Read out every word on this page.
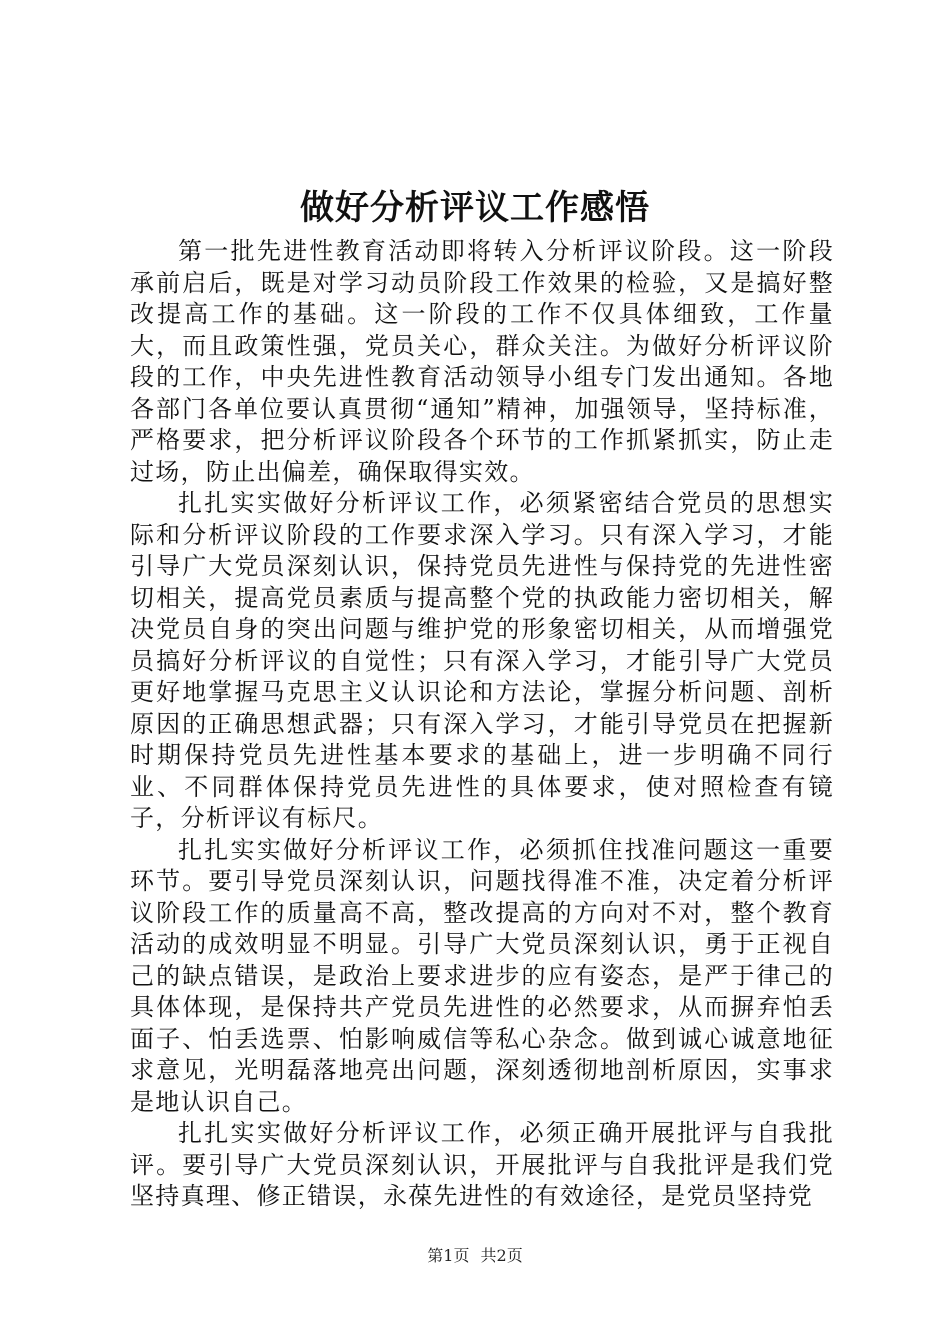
做好分析评议工作感悟

第一批先进性教育活动即将转入分析评议阶段。这一阶段承前启后，既是对学习动员阶段工作效果的检验，又是搞好整改提高工作的基础。这一阶段的工作不仅具体细致，工作量大，而且政策性强，党员关心，群众关注。为做好分析评议阶段的工作，中央先进性教育活动领导小组专门发出通知。各地各部门各单位要认真贯彻“通知”精神，加强领导，坚持标准，严格要求，把分析评议阶段各个环节的工作抓紧抓实，防止走过场，防止出偏差，确保取得实效。

扎扎实实做好分析评议工作，必须紧密结合党员的思想实际和分析评议阶段的工作要求深入学习。只有深入学习，才能引导广大党员深刻认识，保持党员先进性与保持党的先进性密切相关，提高党员素质与提高整个党的执政能力密切相关，解决党员自身的突出问题与维护党的形象密切相关，从而增强党员搞好分析评议的自觉性；只有深入学习，才能引导广大党员更好地掌握马克思主义认识论和方法论，掌握分析问题、剖析原因的正确思想武器；只有深入学习，才能引导党员在把握新时期保持党员先进性基本要求的基础上，进一步明确不同行业、不同群体保持党员先进性的具体要求，使对照检查有镜子，分析评议有标尺。

扎扎实实做好分析评议工作，必须抓住找准问题这一重要环节。要引导党员深刻认识，问题找得准不准，决定着分析评议阶段工作的质量高不高，整改提高的方向对不对，整个教育活动的成效明显不明显。引导广大党员深刻认识，勇于正视自己的缺点错误，是政治上要求进步的应有姿态，是严于律己的具体体现，是保持共产党员先进性的必然要求，从而摒弃怕丢面子、怕丢选票、怕影响威信等私心杂念。做到诚心诚意地征求意见，光明磊落地亮出问题，深刻透彻地剖析原因，实事求是地认识自己。

扎扎实实做好分析评议工作，必须正确开展批评与自我批评。要引导广大党员深刻认识，开展批评与自我批评是我们党坚持真理、修正错误，永葆先进性的有效途径，是党员坚持党

第1页 共2页
